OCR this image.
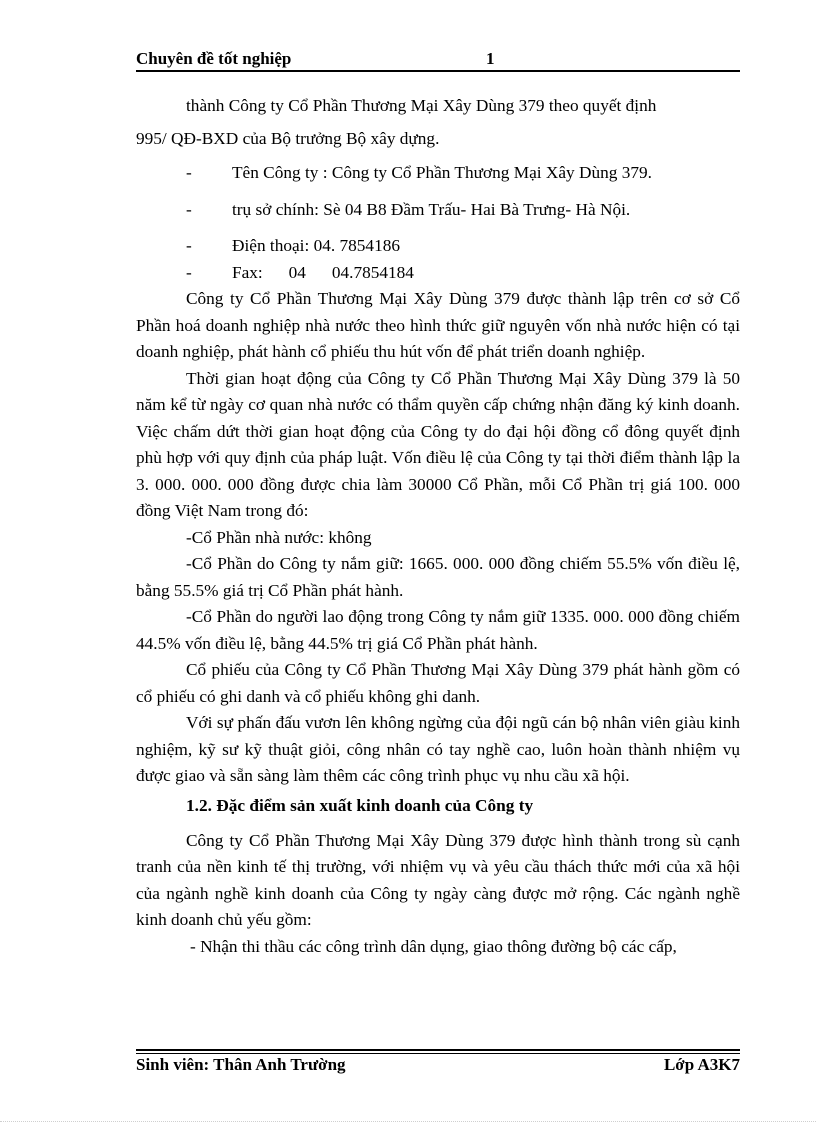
Chuyên đề tốt nghiệp	1

thành Công ty Cổ Phần Thương Mại Xây Dùng 379 theo quyết định

995/ QĐ-BXD của Bộ trưởng Bộ xây dựng.

-	Tên Công ty : Công ty Cổ Phần Thương Mại Xây Dùng 379.
-	trụ sở chính: Sè 04 B8 Đầm Trấu- Hai Bà Trưng- Hà Nội.
-	Điện thoại: 04. 7854186
-	Fax:      04      04.7854184

Công ty Cổ Phần Thương Mại Xây Dùng 379 được thành lập trên cơ sở Cổ Phần hoá doanh nghiệp nhà nước theo hình thức giữ nguyên vốn nhà nước hiện có tại doanh nghiệp, phát hành cổ phiếu thu hút vốn để phát triển doanh nghiệp.

Thời gian hoạt động của Công ty Cổ Phần Thương Mại Xây Dùng 379 là 50 năm kể từ ngày cơ quan nhà nước có thẩm quyền cấp chứng nhận đăng ký kinh doanh. Việc chấm dứt thời gian hoạt động của Công ty do đại hội đồng cổ đông quyết định phù hợp với quy định của pháp luật. Vốn điều lệ của Công ty tại thời điểm thành lập la 3. 000. 000. 000 đồng được chia làm 30000 Cổ Phần, mỗi Cổ Phần trị giá 100. 000 đồng Việt Nam trong đó:

-Cổ Phần nhà nước: không

-Cổ Phần do Công ty nắm giữ: 1665. 000. 000 đồng chiếm 55.5% vốn điều lệ, bằng 55.5% giá trị Cổ Phần phát hành.

-Cổ Phần do người lao động trong Công ty nắm giữ 1335. 000. 000 đồng chiếm 44.5% vốn điều lệ, bằng 44.5% trị giá Cổ Phần phát hành.

Cổ phiếu của Công ty Cổ Phần Thương Mại Xây Dùng 379 phát hành gồm có cổ phiếu có ghi danh và cổ phiếu không ghi danh.

Với sự phấn đấu vươn lên không ngừng của đội ngũ cán bộ nhân viên giàu kinh nghiệm, kỹ sư kỹ thuật giỏi, công nhân có tay nghề cao, luôn hoàn thành nhiệm vụ được giao và sẵn sàng làm thêm các công trình phục vụ nhu cầu xã hội.

1.2. Đặc điểm sản xuất kinh doanh của Công ty

Công ty Cổ Phần Thương Mại Xây Dùng 379 được hình thành trong sù cạnh tranh của nền kinh tế thị trường, với nhiệm vụ và yêu cầu thách thức mới của xã hội của ngành nghề kinh doanh của Công ty ngày càng được mở rộng. Các ngành nghề kinh doanh chủ yếu gồm:

- Nhận thi thầu các công trình dân dụng, giao thông đường bộ các cấp,

Sinh viên: Thân Anh Trường	Lớp A3K7
